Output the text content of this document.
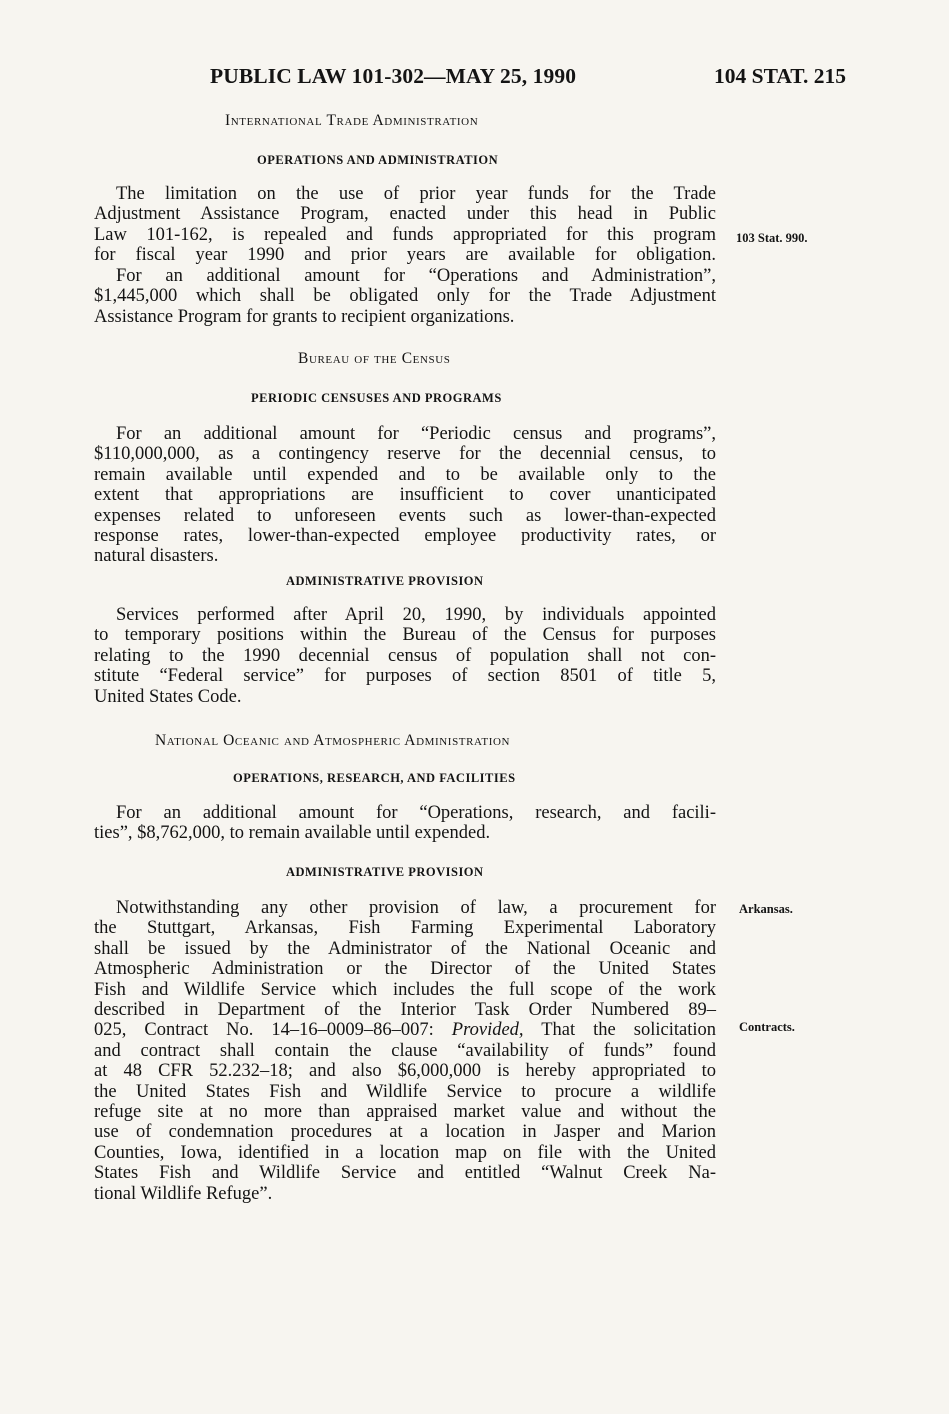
PUBLIC LAW 101-302—MAY 25, 1990	104 STAT. 215
International Trade Administration
OPERATIONS AND ADMINISTRATION
The limitation on the use of prior year funds for the Trade
Adjustment Assistance Program, enacted under this head in Public
Law 101-162, is repealed and funds appropriated for this program
for fiscal year 1990 and prior years are available for obligation.
For an additional amount for “Operations and Administration”,
$1,445,000 which shall be obligated only for the Trade Adjustment
Assistance Program for grants to recipient organizations.
103 Stat. 990.
Bureau of the Census
PERIODIC CENSUSES AND PROGRAMS
For an additional amount for “Periodic census and programs”,
$110,000,000, as a contingency reserve for the decennial census, to
remain available until expended and to be available only to the
extent that appropriations are insufficient to cover unanticipated
expenses related to unforeseen events such as lower-than-expected
response rates, lower-than-expected employee productivity rates, or
natural disasters.
ADMINISTRATIVE PROVISION
Services performed after April 20, 1990, by individuals appointed
to temporary positions within the Bureau of the Census for purposes
relating to the 1990 decennial census of population shall not con-
stitute “Federal service” for purposes of section 8501 of title 5,
United States Code.
National Oceanic and Atmospheric Administration
OPERATIONS, RESEARCH, AND FACILITIES
For an additional amount for “Operations, research, and facili-
ties”, $8,762,000, to remain available until expended.
ADMINISTRATIVE PROVISION
Notwithstanding any other provision of law, a procurement for
the Stuttgart, Arkansas, Fish Farming Experimental Laboratory
shall be issued by the Administrator of the National Oceanic and
Atmospheric Administration or the Director of the United States
Fish and Wildlife Service which includes the full scope of the work
described in Department of the Interior Task Order Numbered 89–
025, Contract No. 14–16–0009–86–007: Provided, That the solicitation
and contract shall contain the clause “availability of funds” found
at 48 CFR 52.232–18; and also $6,000,000 is hereby appropriated to
the United States Fish and Wildlife Service to procure a wildlife
refuge site at no more than appraised market value and without the
use of condemnation procedures at a location in Jasper and Marion
Counties, Iowa, identified in a location map on file with the United
States Fish and Wildlife Service and entitled “Walnut Creek Na-
tional Wildlife Refuge”.
Arkansas.
Contracts.
